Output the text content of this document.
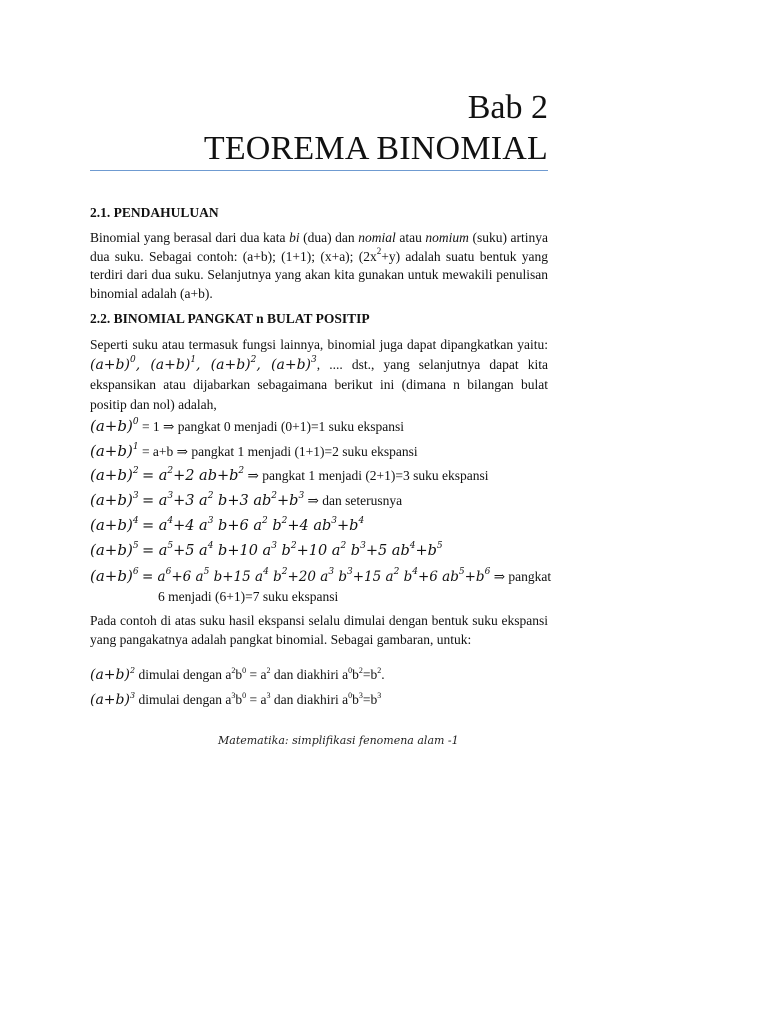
Bab 2
TEOREMA BINOMIAL
2.1. PENDAHULUAN
Binomial yang berasal dari dua kata bi (dua) dan nomial atau nomium (suku) artinya dua suku. Sebagai contoh: (a+b); (1+1); (x+a); $(2x^2+y)$ adalah suatu bentuk yang terdiri dari dua suku. Selanjutnya yang akan kita gunakan untuk mewakili penulisan binomial adalah (a+b).
2.2. BINOMIAL PANGKAT n BULAT POSITIP
Seperti suku atau termasuk fungsi lainnya, binomial juga dapat dipangkatkan yaitu: $(a+b)^0$, $(a+b)^1$, $(a+b)^2$, $(a+b)^3$, .... dst., yang selanjutnya dapat kita ekspansikan atau dijabarkan sebagaimana berikut ini (dimana n bilangan bulat positip dan nol) adalah,
$(a+b)^0 = 1$ ⇒ pangkat 0 menjadi (0+1)=1 suku ekspansi
$(a+b)^1 = a+b$ ⇒ pangkat 1 menjadi (1+1)=2 suku ekspansi
$(a+b)^2 = a^2+2$ $ab+b^2$ ⇒ pangkat 1 menjadi (2+1)=3 suku ekspansi
$(a+b)^3 = a^3+3$ $a^2$ b+3 $ab^2+b^3$ ⇒ dan seterusnya
$(a+b)^4 = a^4+4$ $a^3$ b+6 $a^2$ $b^2+4$ $ab^3+b^4$
$(a+b)^5 = a^5+5$ $a^4$ b+10 $a^3$ $b^2+10$ $a^2$ $b^3+5$ $ab^4+b^5$
$(a+b)^6 = a^6+6$ $a^5$ b+15 $a^4$ $b^2+20$ $a^3$ $b^3+15$ $a^2$ $b^4+6$ $ab^5+b^6$ ⇒ pangkat
6 menjadi (6+1)=7 suku ekspansi
Pada contoh di atas suku hasil ekspansi selalu dimulai dengan bentuk suku ekspansi yang pangakatnya adalah pangkat binomial. Sebagai gambaran, untuk:
$(a+b)^2$ dimulai dengan $a^2b^0 = a^2$ dan diakhiri $a^0b^2=b^2$.
$(a+b)^3$ dimulai dengan $a^3b^0 = a^3$ dan diakhiri $a^0b^3=b^3$
Matematika: simplifikasi fenomena alam -1
